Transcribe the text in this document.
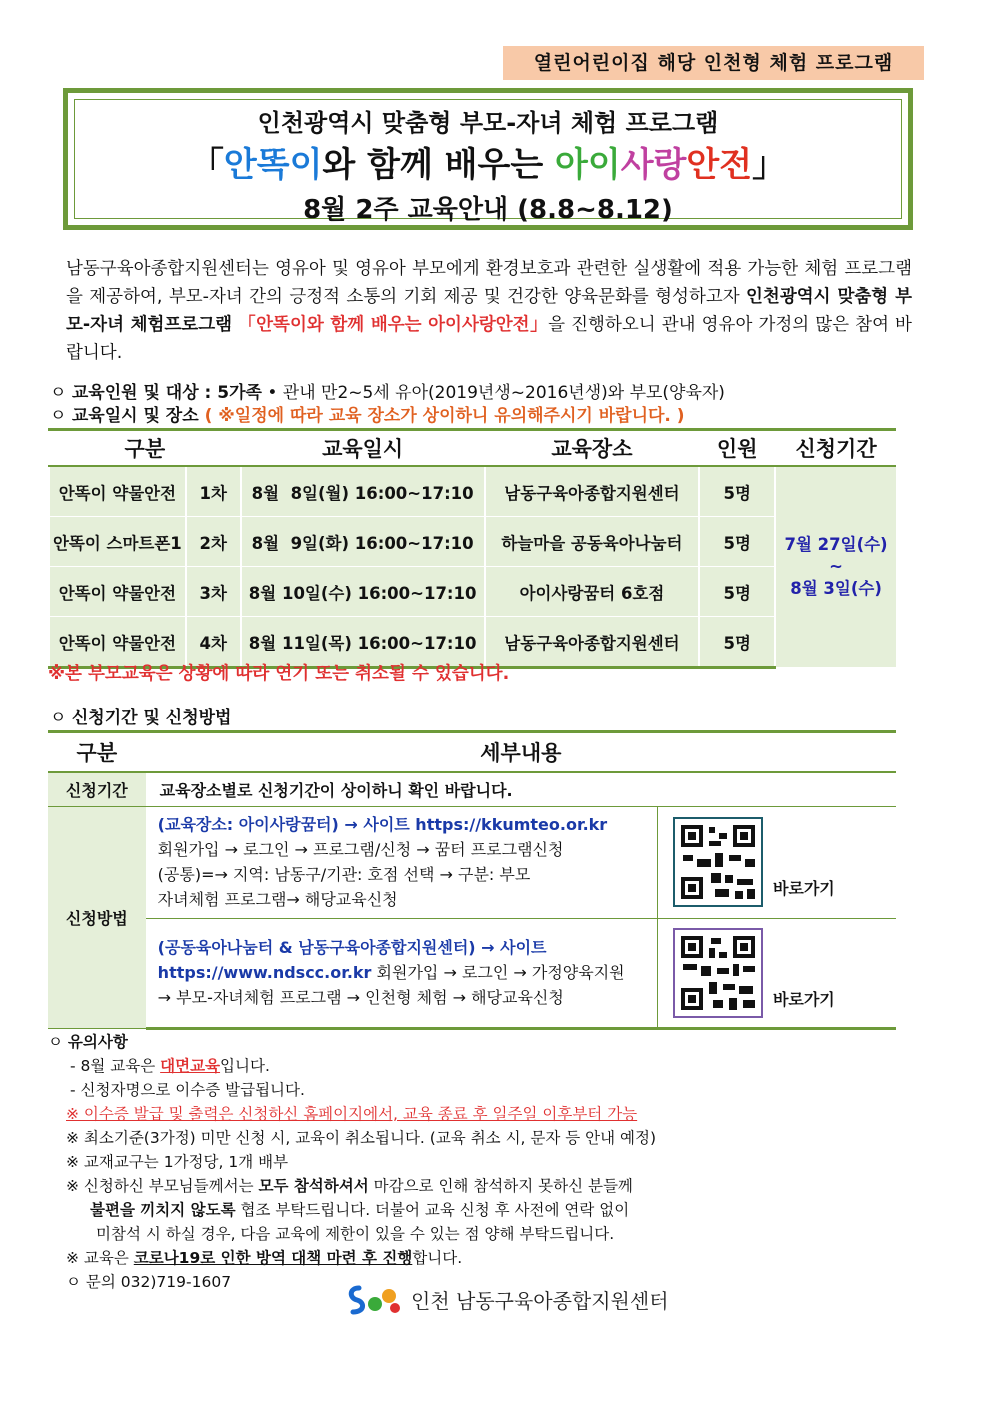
열린어린이집 해당 인천형 체험 프로그램
인천광역시 맞춤형 부모-자녀 체험 프로그램
「안똑이와 함께 배우는 아이사랑안전」
8월 2주 교육안내 (8.8~8.12)
남동구육아종합지원센터는 영유아 및 영유아 부모에게 환경보호과 관련한 실생활에 적용 가능한 체험 프로그램을 제공하여, 부모-자녀 간의 긍정적 소통의 기회 제공 및 건강한 양육문화를 형성하고자 인천광역시 맞춤형 부모-자녀 체험프로그램 「안똑이와 함께 배우는 아이사랑안전」을 진행하오니 관내 영유아 가정의 많은 참여 바랍니다.
ㅇ 교육인원 및 대상 : 5가족 • 관내 만2~5세 유아(2019년생~2016년생)와 부모(양육자)
ㅇ 교육일시 및 장소 ( ※일정에 따라 교육 장소가 상이하니 유의해주시기 바랍니다. )
구분		교육일시	교육장소	인원	신청기간
안똑이 약물안전	1차	8월  8일(월) 16:00~17:10	남동구육아종합지원센터	5명	7월 27일(수)
~
8월 3일(수)

안똑이 스마트폰1	2차	8월  9일(화) 16:00~17:10	하늘마을 공동육아나눔터	5명	
안똑이 약물안전	3차	8월 10일(수) 16:00~17:10	아이사랑꿈터 6호점	5명	
안똑이 약물안전	4차	8월 11일(목) 16:00~17:10	남동구육아종합지원센터	5명	
※본 부모교육은 상황에 따라 연기 또는 취소될 수 있습니다.
ㅇ 신청기간 및 신청방법
구분	세부내용	
신청기간	교육장소별로 신청기간이 상이하니 확인 바랍니다.	
신청방법	(교육장소: 아이사랑꿈터) → 사이트 https://kkumteo.or.kr
회원가입 → 로그인 → 프로그램/신청 → 꿈터 프로그램신청
(공통)=→ 지역: 남동구/기관: 호점 선택 → 구분: 부모
자녀체험 프로그램→ 해당교육신청	바로가기

	(공동육아나눔터 & 남동구육아종합지원센터) → 사이트
https://www.ndscc.or.kr 회원가입 → 로그인 → 가정양육지원
→ 부모-자녀체험 프로그램 → 인천형 체험 → 해당교육신청	바로가기
ㅇ 유의사항
- 8월 교육은 대면교육입니다.
- 신청자명으로 이수증 발급됩니다.
※ 이수증 발급 및 출력은 신청하신 홈페이지에서, 교육 종료 후 일주일 이후부터 가능
※ 최소기준(3가정) 미만 신청 시, 교육이 취소됩니다. (교육 취소 시, 문자 등 안내 예정)
※ 교재교구는 1가정당, 1개 배부
※ 신청하신 부모님들께서는 모두 참석하셔서 마감으로 인해 참석하지 못하신 분들께
불편을 끼치지 않도록 협조 부탁드립니다. 더불어 교육 신청 후 사전에 연락 없이
미참석 시 하실 경우, 다음 교육에 제한이 있을 수 있는 점 양해 부탁드립니다.
※ 교육은 코로나19로 인한 방역 대책 마련 후 진행합니다.
ㅇ 문의 032)719-1607
인천 남동구육아종합지원센터
